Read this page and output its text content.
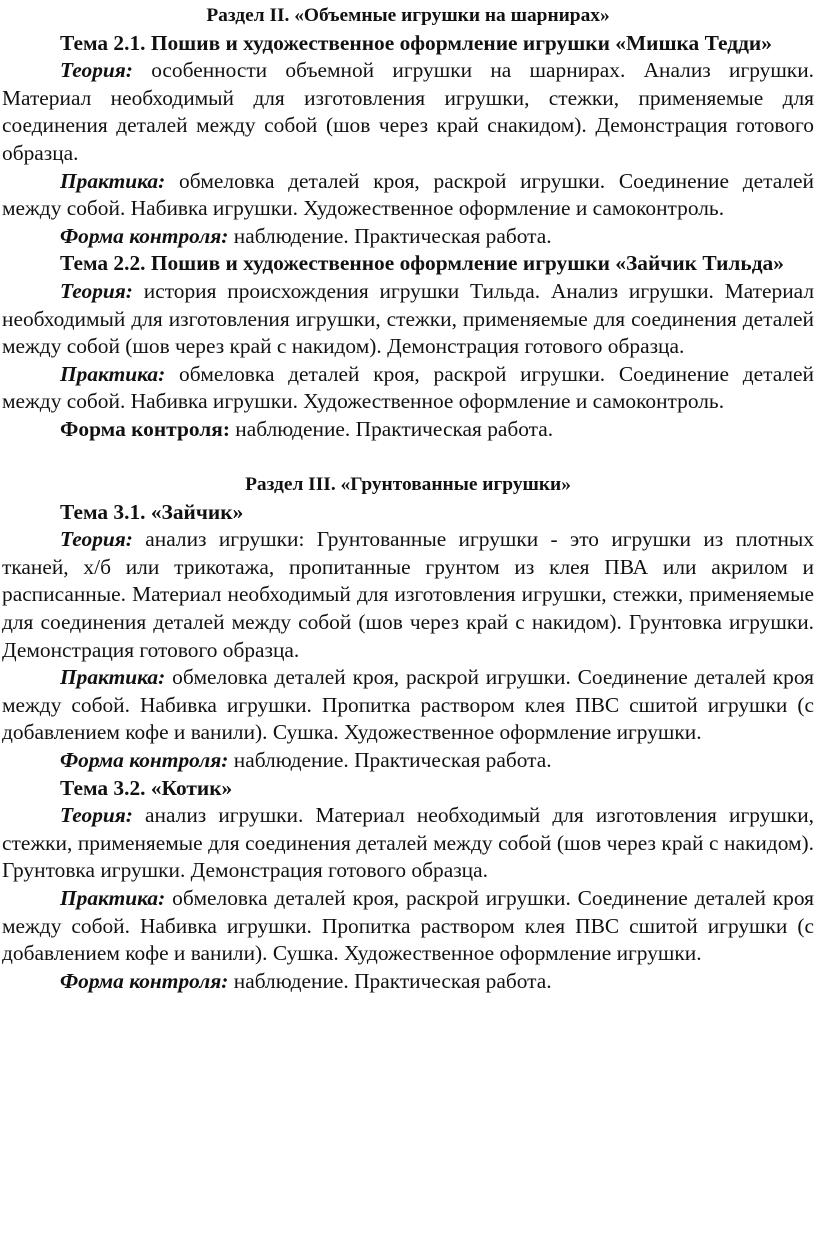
Раздел II. «Объемные игрушки на шарнирах»

Тема 2.1. Пошив и художественное оформление игрушки «Мишка Тедди»

Теория: особенности объемной игрушки на шарнирах. Анализ игрушки. Материал необходимый для изготовления игрушки, стежки, применяемые для соединения деталей между собой (шов через край снакидом). Демонстрация готового образца.

Практика: обмеловка деталей кроя, раскрой игрушки. Соединение деталей между собой. Набивка игрушки. Художественное оформление и самоконтроль.

Форма контроля: наблюдение. Практическая работа.

Тема 2.2. Пошив и художественное оформление игрушки «Зайчик Тильда»

Теория: история происхождения игрушки Тильда. Анализ игрушки. Материал необходимый для изготовления игрушки, стежки, применяемые для соединения деталей между собой (шов через край с накидом). Демонстрация готового образца.

Практика: обмеловка деталей кроя, раскрой игрушки. Соединение деталей между собой. Набивка игрушки. Художественное оформление и самоконтроль.

Форма контроля: наблюдение. Практическая работа.

Раздел III. «Грунтованные игрушки»

Тема 3.1. «Зайчик»

Теория: анализ игрушки: Грунтованные игрушки - это игрушки из плотных тканей, х/б или трикотажа, пропитанные грунтом из клея ПВА или акрилом и расписанные. Материал необходимый для изготовления игрушки, стежки, применяемые для соединения деталей между собой (шов через край с накидом). Грунтовка игрушки. Демонстрация готового образца.

Практика: обмеловка деталей кроя, раскрой игрушки. Соединение деталей кроя между собой. Набивка игрушки. Пропитка раствором клея ПВС сшитой игрушки (с добавлением кофе и ванили). Сушка. Художественное оформление игрушки.

Форма контроля: наблюдение. Практическая работа.

Тема 3.2. «Котик»

Теория: анализ игрушки. Материал необходимый для изготовления игрушки, стежки, применяемые для соединения деталей между собой (шов через край с накидом). Грунтовка игрушки. Демонстрация готового образца.

Практика: обмеловка деталей кроя, раскрой игрушки. Соединение деталей кроя между собой. Набивка игрушки. Пропитка раствором клея ПВС сшитой игрушки (с добавлением кофе и ванили). Сушка. Художественное оформление игрушки.

Форма контроля: наблюдение. Практическая работа.
